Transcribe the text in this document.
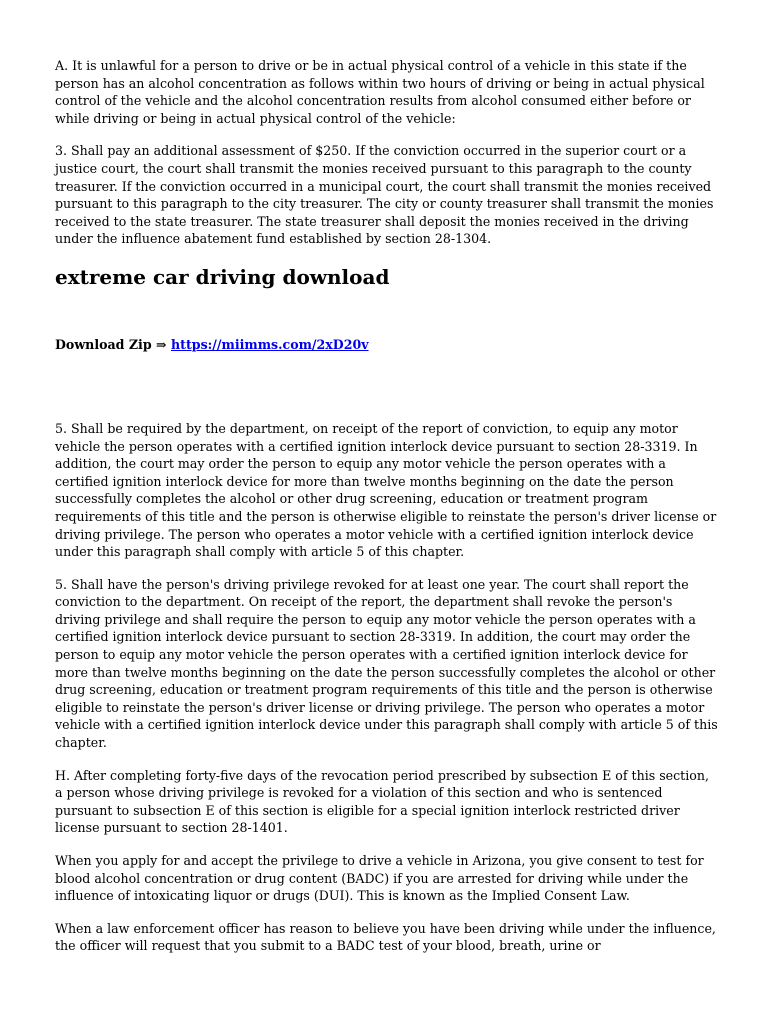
A. It is unlawful for a person to drive or be in actual physical control of a vehicle in this state if the person has an alcohol concentration as follows within two hours of driving or being in actual physical control of the vehicle and the alcohol concentration results from alcohol consumed either before or while driving or being in actual physical control of the vehicle:

3. Shall pay an additional assessment of $250. If the conviction occurred in the superior court or a justice court, the court shall transmit the monies received pursuant to this paragraph to the county treasurer. If the conviction occurred in a municipal court, the court shall transmit the monies received pursuant to this paragraph to the city treasurer. The city or county treasurer shall transmit the monies received to the state treasurer. The state treasurer shall deposit the monies received in the driving under the influence abatement fund established by section 28-1304.

extreme car driving download
Download Zip ⇒ https://miimms.com/2xD20v

5. Shall be required by the department, on receipt of the report of conviction, to equip any motor vehicle the person operates with a certified ignition interlock device pursuant to section 28-3319. In addition, the court may order the person to equip any motor vehicle the person operates with a certified ignition interlock device for more than twelve months beginning on the date the person successfully completes the alcohol or other drug screening, education or treatment program requirements of this title and the person is otherwise eligible to reinstate the person's driver license or driving privilege. The person who operates a motor vehicle with a certified ignition interlock device under this paragraph shall comply with article 5 of this chapter.

5. Shall have the person's driving privilege revoked for at least one year. The court shall report the conviction to the department. On receipt of the report, the department shall revoke the person's driving privilege and shall require the person to equip any motor vehicle the person operates with a certified ignition interlock device pursuant to section 28-3319. In addition, the court may order the person to equip any motor vehicle the person operates with a certified ignition interlock device for more than twelve months beginning on the date the person successfully completes the alcohol or other drug screening, education or treatment program requirements of this title and the person is otherwise eligible to reinstate the person's driver license or driving privilege. The person who operates a motor vehicle with a certified ignition interlock device under this paragraph shall comply with article 5 of this chapter.

H. After completing forty-five days of the revocation period prescribed by subsection E of this section, a person whose driving privilege is revoked for a violation of this section and who is sentenced pursuant to subsection E of this section is eligible for a special ignition interlock restricted driver license pursuant to section 28-1401.

When you apply for and accept the privilege to drive a vehicle in Arizona, you give consent to test for blood alcohol concentration or drug content (BADC) if you are arrested for driving while under the influence of intoxicating liquor or drugs (DUI). This is known as the Implied Consent Law.

When a law enforcement officer has reason to believe you have been driving while under the influence, the officer will request that you submit to a BADC test of your blood, breath, urine or
